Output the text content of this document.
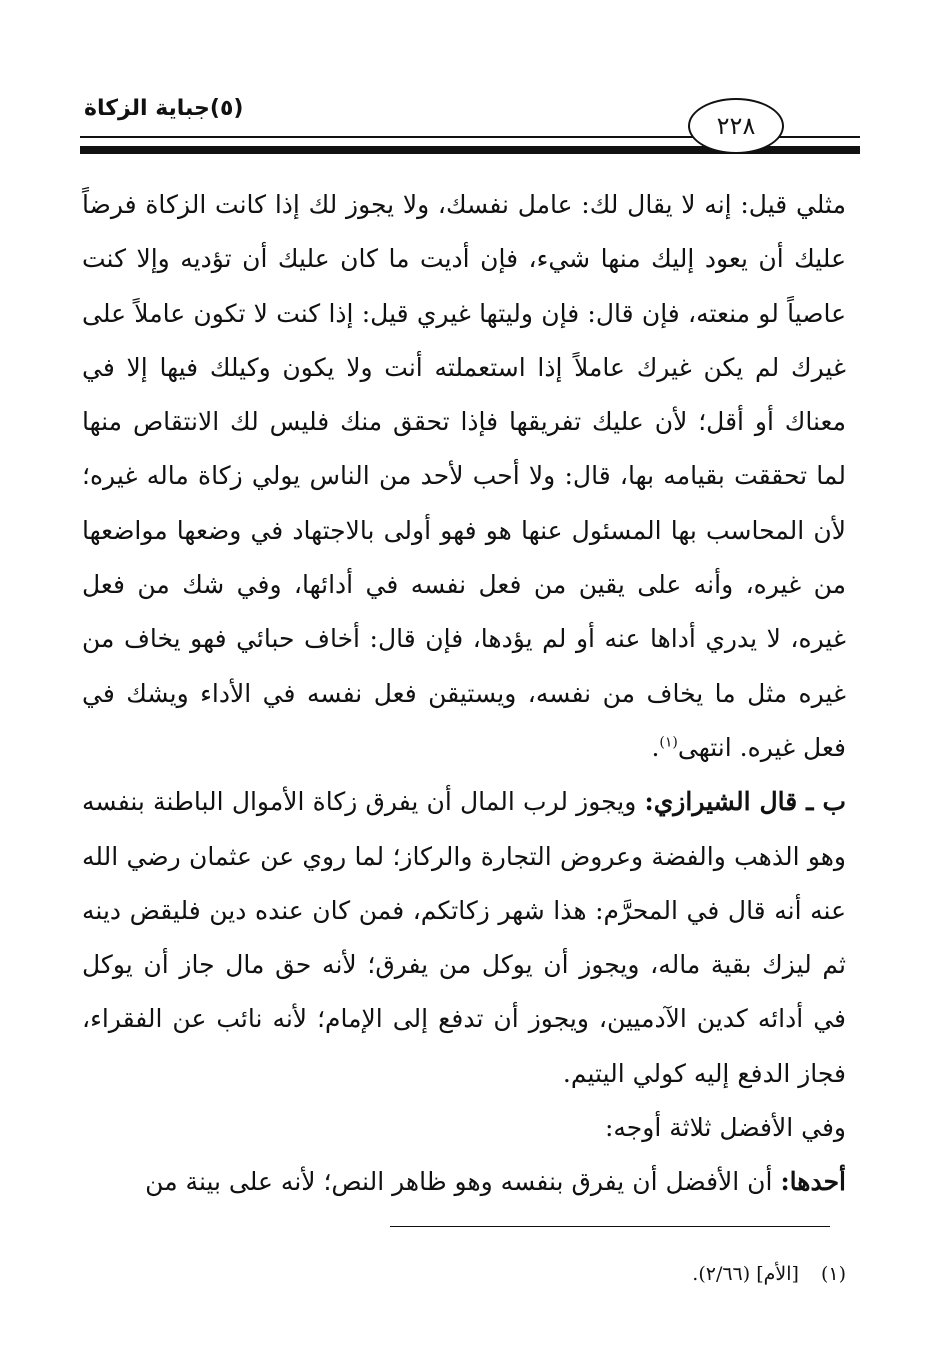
(٥)جباية الزكاة
٢٢٨

مثلي قيل: إنه لا يقال لك: عامل نفسك، ولا يجوز لك إذا كانت الزكاة فرضاً عليك أن يعود إليك منها شيء، فإن أديت ما كان عليك أن تؤديه وإلا كنت عاصياً لو منعته، فإن قال: فإن وليتها غيري قيل: إذا كنت لا تكون عاملاً على غيرك لم يكن غيرك عاملاً إذا استعملته أنت ولا يكون وكيلك فيها إلا في معناك أو أقل؛ لأن عليك تفريقها فإذا تحقق منك فليس لك الانتقاص منها لما تحققت بقيامه بها، قال: ولا أحب لأحد من الناس يولي زكاة ماله غيره؛ لأن المحاسب بها المسئول عنها هو فهو أولى بالاجتهاد في وضعها مواضعها من غيره، وأنه على يقين من فعل نفسه في أدائها، وفي شك من فعل غيره، لا يدري أداها عنه أو لم يؤدها، فإن قال: أخاف حبائي فهو يخاف من غيره مثل ما يخاف من نفسه، ويستيقن فعل نفسه في الأداء ويشك في فعل غيره. انتهى$^{(١)}$.

ب ـ قال الشيرازي: ويجوز لرب المال أن يفرق زكاة الأموال الباطنة بنفسه وهو الذهب والفضة وعروض التجارة والركاز؛ لما روي عن عثمان رضي الله عنه أنه قال في المحرَّم: هذا شهر زكاتكم، فمن كان عنده دين فليقض دينه ثم ليزك بقية ماله، ويجوز أن يوكل من يفرق؛ لأنه حق مال جاز أن يوكل في أدائه كدين الآدميين، ويجوز أن تدفع إلى الإمام؛ لأنه نائب عن الفقراء، فجاز الدفع إليه كولي اليتيم.

وفي الأفضل ثلاثة أوجه:

أحدها: أن الأفضل أن يفرق بنفسه وهو ظاهر النص؛ لأنه على بينة من

(١)[الأم] (٢/٦٦).
